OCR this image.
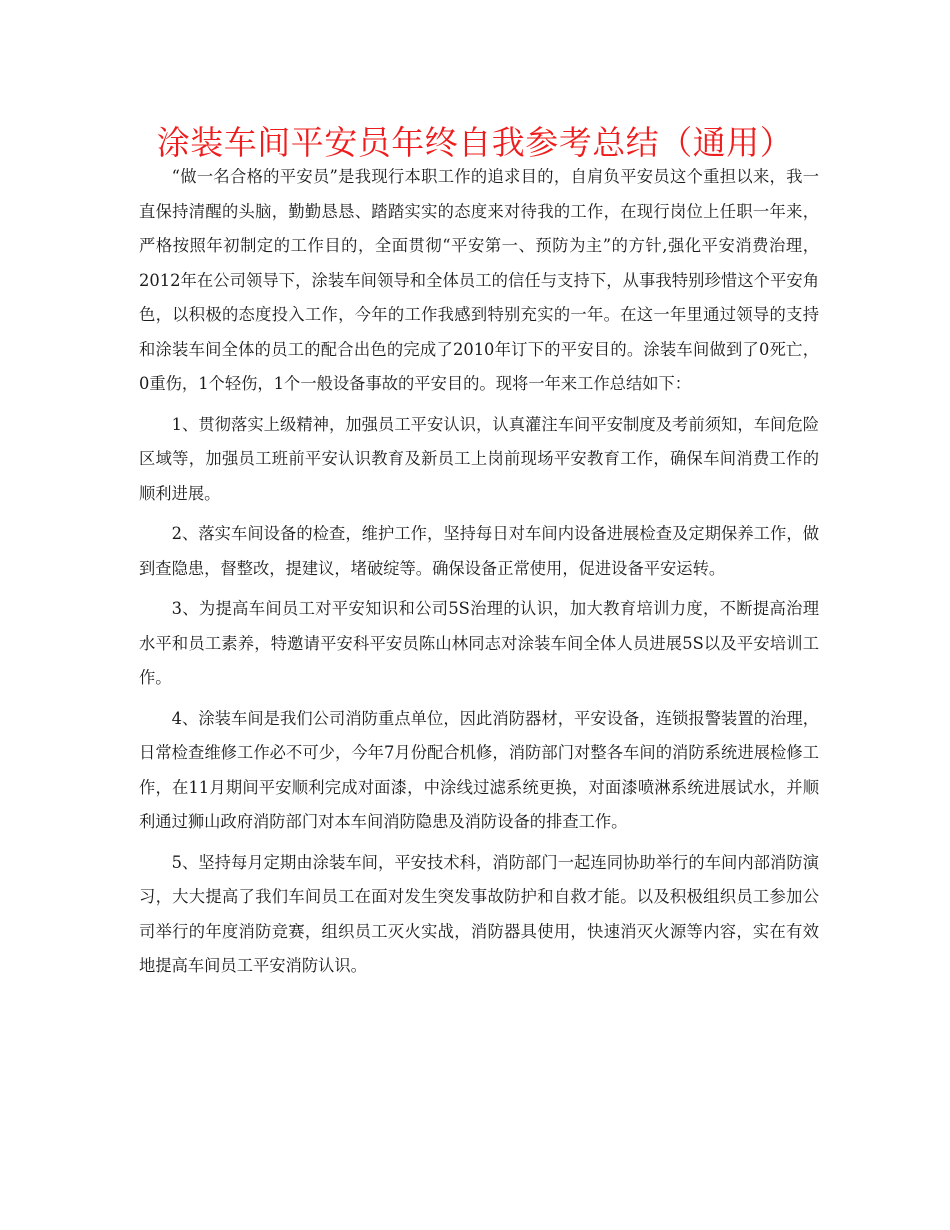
涂装车间平安员年终自我参考总结（通用）

“做一名合格的平安员”是我现行本职工作的追求目的，自肩负平安员这个重担以来，我一直保持清醒的头脑，勤勤恳恳、踏踏实实的态度来对待我的工作，在现行岗位上任职一年来，严格按照年初制定的工作目的，全面贯彻“平安第一、预防为主”的方针,强化平安消费治理，2012年在公司领导下，涂装车间领导和全体员工的信任与支持下，从事我特别珍惜这个平安角色，以积极的态度投入工作，今年的工作我感到特别充实的一年。在这一年里通过领导的支持和涂装车间全体的员工的配合出色的完成了2010年订下的平安目的。涂装车间做到了0死亡，0重伤，1个轻伤，1个一般设备事故的平安目的。现将一年来工作总结如下：

1、贯彻落实上级精神，加强员工平安认识，认真灌注车间平安制度及考前须知，车间危险区域等，加强员工班前平安认识教育及新员工上岗前现场平安教育工作，确保车间消费工作的顺利进展。

2、落实车间设备的检查，维护工作，坚持每日对车间内设备进展检查及定期保养工作，做到查隐患，督整改，提建议，堵破绽等。确保设备正常使用，促进设备平安运转。

3、为提高车间员工对平安知识和公司5S治理的认识，加大教育培训力度，不断提高治理水平和员工素养，特邀请平安科平安员陈山林同志对涂装车间全体人员进展5S以及平安培训工作。

4、涂装车间是我们公司消防重点单位，因此消防器材，平安设备，连锁报警装置的治理，日常检查维修工作必不可少，今年7月份配合机修，消防部门对整各车间的消防系统进展检修工作，在11月期间平安顺利完成对面漆，中涂线过滤系统更换，对面漆喷淋系统进展试水，并顺利通过狮山政府消防部门对本车间消防隐患及消防设备的排查工作。

5、坚持每月定期由涂装车间，平安技术科，消防部门一起连同协助举行的车间内部消防演习，大大提高了我们车间员工在面对发生突发事故防护和自救才能。以及积极组织员工参加公司举行的年度消防竞赛，组织员工灭火实战，消防器具使用，快速消灭火源等内容，实在有效地提高车间员工平安消防认识。
